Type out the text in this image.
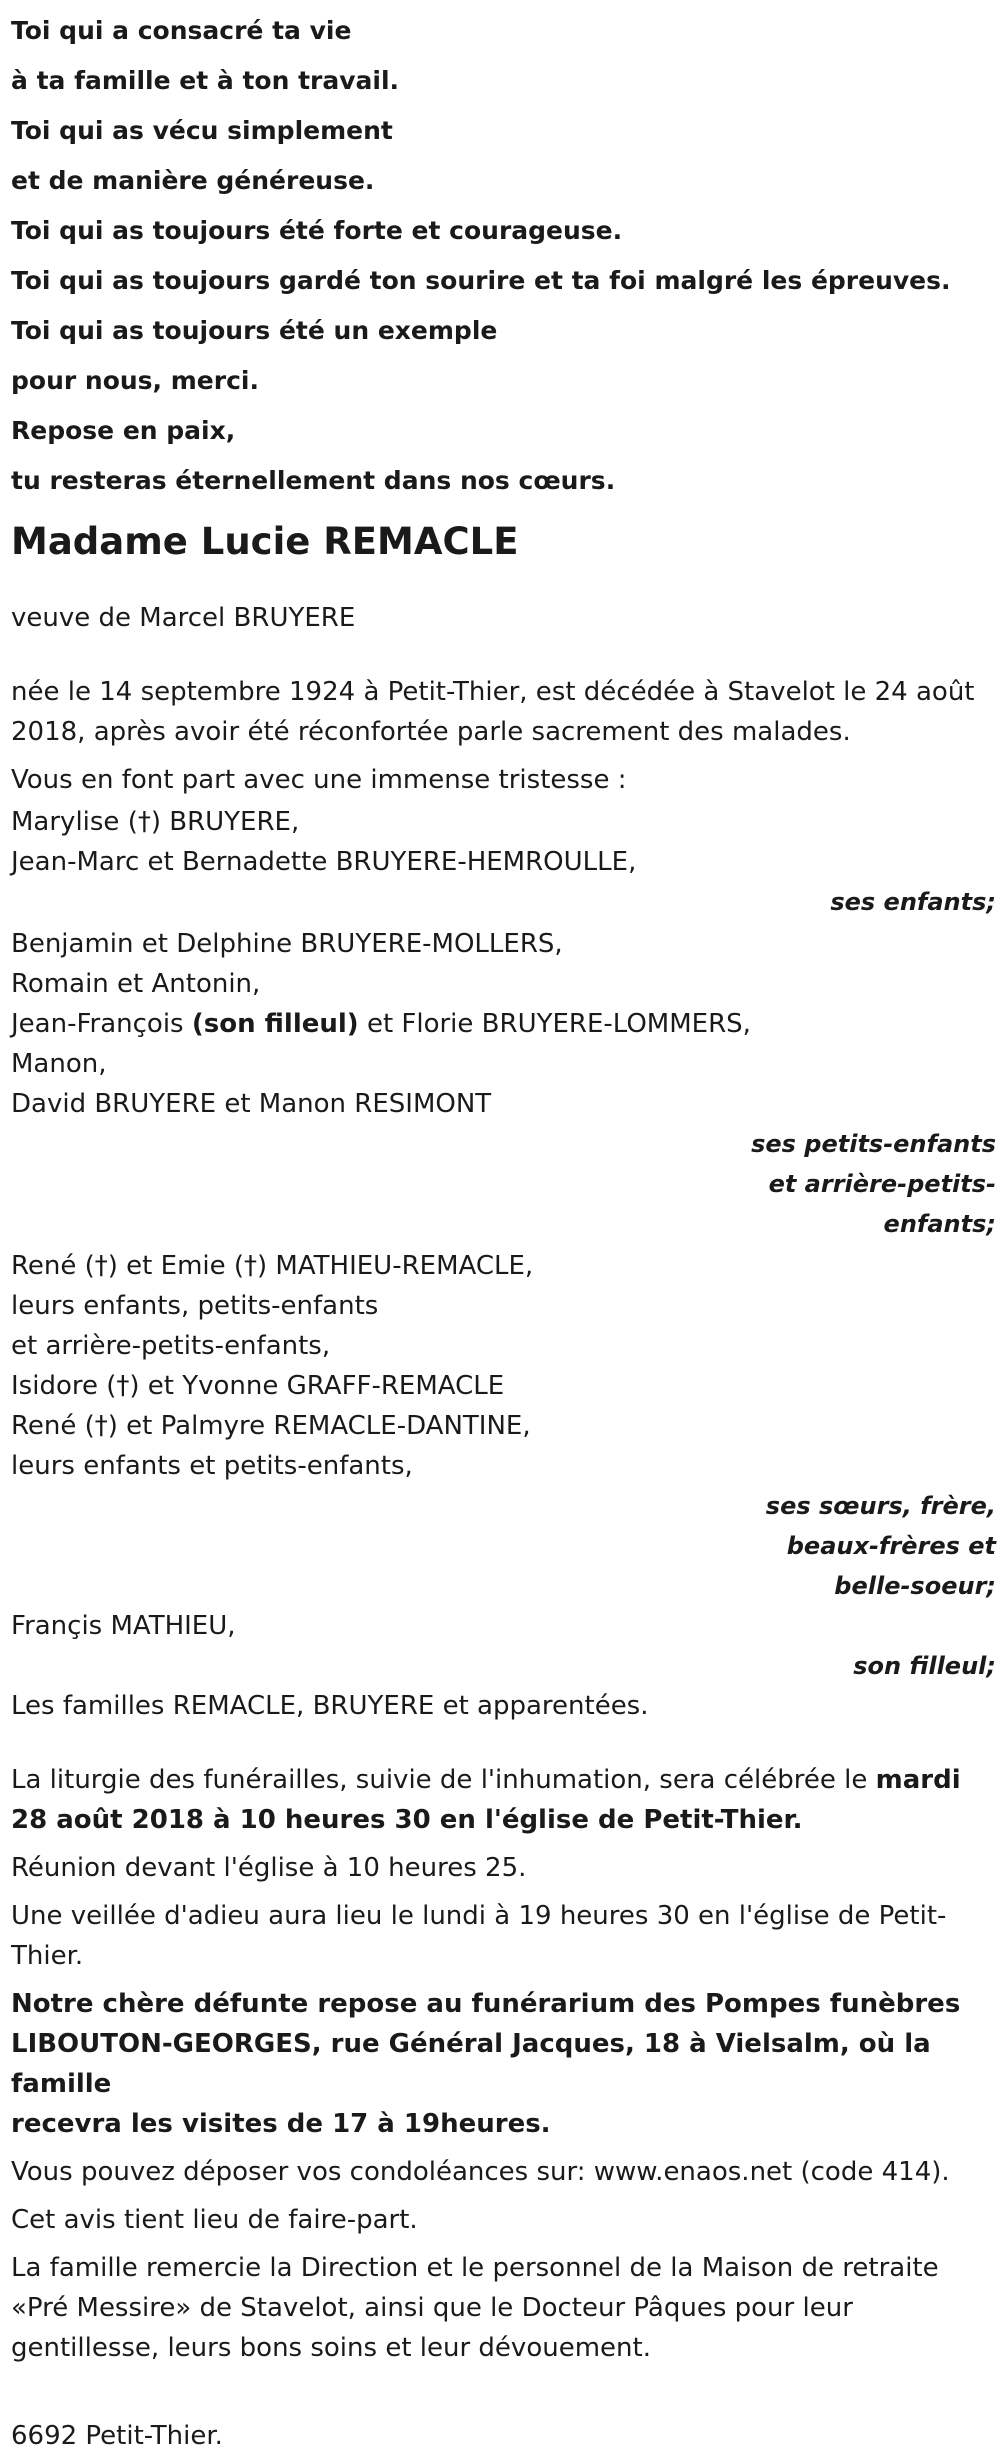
Toi qui a consacré ta vie
à ta famille et à ton travail.
Toi qui as vécu simplement
et de manière généreuse.
Toi qui as toujours été forte et courageuse.
Toi qui as toujours gardé ton sourire et ta foi malgré les épreuves.
Toi qui as toujours été un exemple
pour nous, merci.
Repose en paix,
tu resteras éternellement dans nos cœurs.
Madame Lucie REMACLE
veuve de Marcel BRUYERE
née le 14 septembre 1924 à Petit-Thier, est décédée à Stavelot le 24 août
2018, après avoir été réconfortée parle sacrement des malades.
Vous en font part avec une immense tristesse :
Marylise (†) BRUYERE,
Jean-Marc et Bernadette BRUYERE-HEMROULLE,
ses enfants;
Benjamin et Delphine BRUYERE-MOLLERS,
Romain et Antonin,
Jean-François (son filleul) et Florie BRUYERE-LOMMERS,
Manon,
David BRUYERE et Manon RESIMONT
ses petits-enfants
et arrière-petits-
enfants;
René (†) et Emie (†) MATHIEU-REMACLE,
leurs enfants, petits-enfants
et arrière-petits-enfants,
Isidore (†) et Yvonne GRAFF-REMACLE
René (†) et Palmyre REMACLE-DANTINE,
leurs enfants et petits-enfants,
ses sœurs, frère,
beaux-frères et
belle-soeur;
Françis MATHIEU,
son filleul;
Les familles REMACLE, BRUYERE et apparentées.
La liturgie des funérailles, suivie de l'inhumation, sera célébrée le mardi
28 août 2018 à 10 heures 30 en l'église de Petit-Thier.
Réunion devant l'église à 10 heures 25.
Une veillée d'adieu aura lieu le lundi à 19 heures 30 en l'église de Petit-
Thier.
Notre chère défunte repose au funérarium des Pompes funèbres
LIBOUTON-GEORGES, rue Général Jacques, 18 à Vielsalm, où la famille
recevra les visites de 17 à 19heures.
Vous pouvez déposer vos condoléances sur: www.enaos.net (code 414).
Cet avis tient lieu de faire-part.
La famille remercie la Direction et le personnel de la Maison de retraite
«Pré Messire» de Stavelot, ainsi que le Docteur Pâques pour leur
gentillesse, leurs bons soins et leur dévouement.
6692 Petit-Thier.
